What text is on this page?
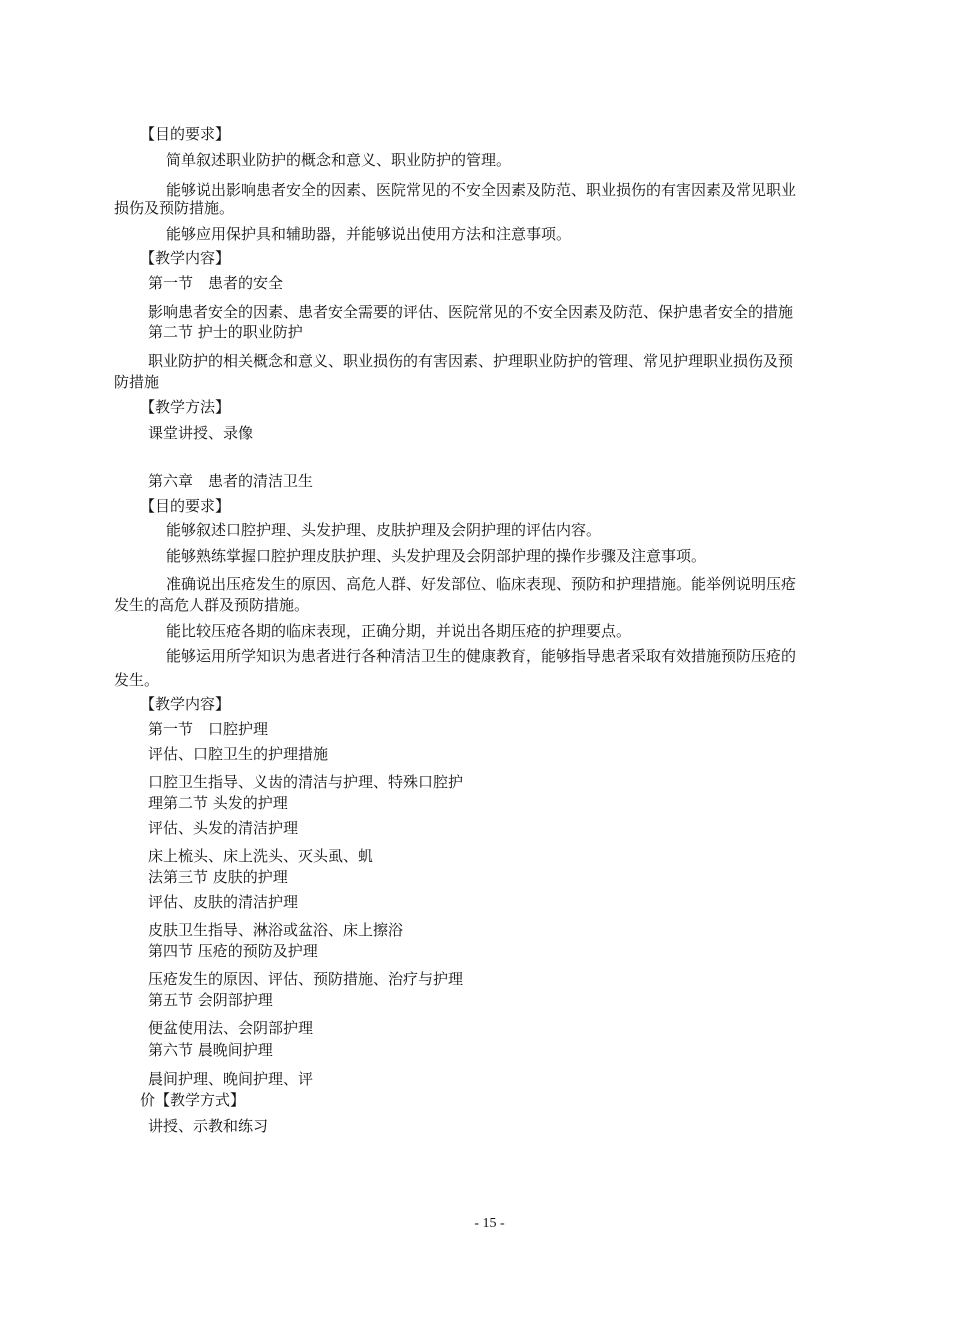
【目的要求】
简单叙述职业防护的概念和意义、职业防护的管理。
能够说出影响患者安全的因素、医院常见的不安全因素及防范、职业损伤的有害因素及常见职业
损伤及预防措施。
能够应用保护具和辅助器，并能够说出使用方法和注意事项。
【教学内容】
第一节　患者的安全
影响患者安全的因素、患者安全需要的评估、医院常见的不安全因素及防范、保护患者安全的措施
第二节 护士的职业防护
职业防护的相关概念和意义、职业损伤的有害因素、护理职业防护的管理、常见护理职业损伤及预
防措施
【教学方法】
课堂讲授、录像
第六章　患者的清洁卫生
【目的要求】
能够叙述口腔护理、头发护理、皮肤护理及会阴护理的评估内容。
能够熟练掌握口腔护理皮肤护理、头发护理及会阴部护理的操作步骤及注意事项。
准确说出压疮发生的原因、高危人群、好发部位、临床表现、预防和护理措施。能举例说明压疮
发生的高危人群及预防措施。
能比较压疮各期的临床表现，正确分期，并说出各期压疮的护理要点。
能够运用所学知识为患者进行各种清洁卫生的健康教育，能够指导患者采取有效措施预防压疮的
发生。
【教学内容】
第一节　口腔护理
评估、口腔卫生的护理措施
口腔卫生指导、义齿的清洁与护理、特殊口腔护
理第二节 头发的护理
评估、头发的清洁护理
床上梳头、床上洗头、灭头虱、虮
法第三节 皮肤的护理
评估、皮肤的清洁护理
皮肤卫生指导、淋浴或盆浴、床上擦浴
第四节 压疮的预防及护理
压疮发生的原因、评估、预防措施、治疗与护理
第五节 会阴部护理
便盆使用法、会阴部护理
第六节 晨晚间护理
晨间护理、晚间护理、评
价【教学方式】
讲授、示教和练习
- 15 -
